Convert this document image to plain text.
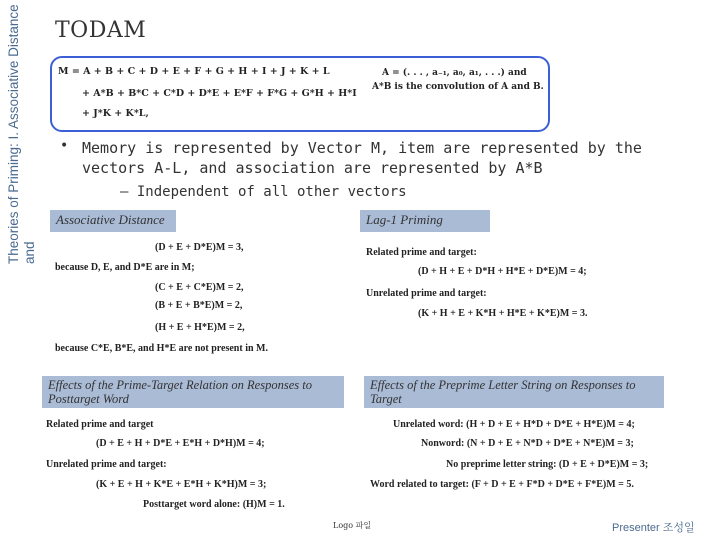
Theories of Priming: I. Associative Distance and
TODAM
M = A + B + C + D + E + F + G + H + I + J + K + L
+ A*B + B*C + C*D + D*E + E*F + F*G + G*H + H*I
+ J*K + K*L,
A = (. . . , a₋₁, a₀, a₁, . . .) and
A*B is the convolution of A and B.
• Memory is represented by Vector M, item are represented by the vectors A-L, and association are represented by A*B
– Independent of all other vectors
Associative Distance
(D + E + D*E)M = 3,
because D, E, and D*E are in M;
(C + E + C*E)M = 2,
(B + E + B*E)M = 2,
(H + E + H*E)M = 2,
because C*E, B*E, and H*E are not present in M.
Lag-1 Priming
Related prime and target:
(D + H + E + D*H + H*E + D*E)M = 4;
Unrelated prime and target:
(K + H + E + K*H + H*E + K*E)M = 3.
Effects of the Prime-Target Relation on Responses to Posttarget Word
Related prime and target
(D + E + H + D*E + E*H + D*H)M = 4;
Unrelated prime and target:
(K + E + H + K*E + E*H + K*H)M = 3;
Posttarget word alone: (H)M = 1.
Effects of the Preprime Letter String on Responses to Target
Unrelated word: (H + D + E + H*D + D*E + H*E)M = 4;
Nonword: (N + D + E + N*D + D*E + N*E)M = 3;
No preprime letter string: (D + E + D*E)M = 3;
Word related to target: (F + D + E + F*D + D*E + F*E)M = 5.
Logo 파일	Presenter 조성일
